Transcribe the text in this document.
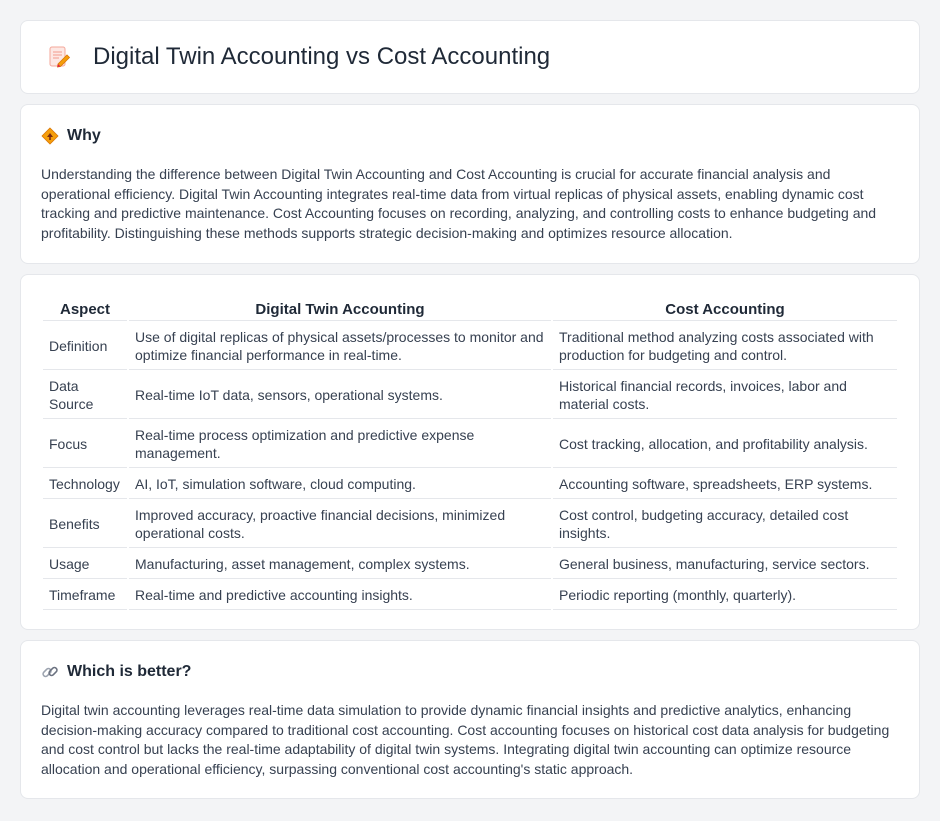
Digital Twin Accounting vs Cost Accounting
Why

Understanding the difference between Digital Twin Accounting and Cost Accounting is crucial for accurate financial analysis and operational efficiency. Digital Twin Accounting integrates real-time data from virtual replicas of physical assets, enabling dynamic cost tracking and predictive maintenance. Cost Accounting focuses on recording, analyzing, and controlling costs to enhance budgeting and profitability. Distinguishing these methods supports strategic decision-making and optimizes resource allocation.

Aspect	Digital Twin Accounting	Cost Accounting
Definition	Use of digital replicas of physical assets/processes to monitor and optimize financial performance in real-time.	Traditional method analyzing costs associated with production for budgeting and control.
Data Source	Real-time IoT data, sensors, operational systems.	Historical financial records, invoices, labor and material costs.
Focus	Real-time process optimization and predictive expense management.	Cost tracking, allocation, and profitability analysis.
Technology	AI, IoT, simulation software, cloud computing.	Accounting software, spreadsheets, ERP systems.
Benefits	Improved accuracy, proactive financial decisions, minimized operational costs.	Cost control, budgeting accuracy, detailed cost insights.
Usage	Manufacturing, asset management, complex systems.	General business, manufacturing, service sectors.
Timeframe	Real-time and predictive accounting insights.	Periodic reporting (monthly, quarterly).
Which is better?

Digital twin accounting leverages real-time data simulation to provide dynamic financial insights and predictive analytics, enhancing decision-making accuracy compared to traditional cost accounting. Cost accounting focuses on historical cost data analysis for budgeting and cost control but lacks the real-time adaptability of digital twin systems. Integrating digital twin accounting can optimize resource allocation and operational efficiency, surpassing conventional cost accounting's static approach.
